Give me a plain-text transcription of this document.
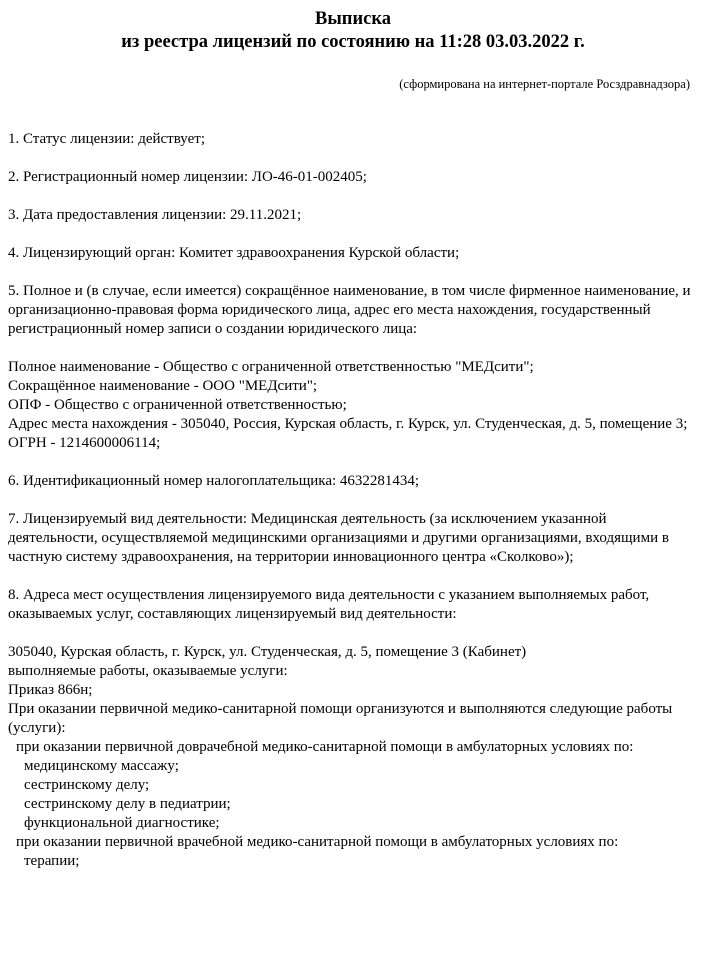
Выписка

из реестра лицензий по состоянию на 11:28 03.03.2022 г.

(сформирована на интернет-портале Росздравнадзора)

1. Статус лицензии: действует;

2. Регистрационный номер лицензии: ЛО-46-01-002405;

3. Дата предоставления лицензии: 29.11.2021;

4. Лицензирующий орган: Комитет здравоохранения Курской области;

5. Полное и (в случае, если имеется) сокращённое наименование, в том числе фирменное наименование, и организационно-правовая форма юридического лица, адрес его места нахождения, государственный регистрационный номер записи о создании юридического лица:

Полное наименование - Общество с ограниченной ответственностью "МЕДсити";

Сокращённое наименование - ООО "МЕДсити";

ОПФ - Общество с ограниченной ответственностью;

Адрес места нахождения - 305040, Россия, Курская область, г. Курск, ул. Студенческая, д. 5, помещение 3;

ОГРН - 1214600006114;

6. Идентификационный номер налогоплательщика: 4632281434;

7. Лицензируемый вид деятельности: Медицинская деятельность (за исключением указанной деятельности, осуществляемой медицинскими организациями и другими организациями, входящими в частную систему здравоохранения, на территории инновационного центра «Сколково»);

8. Адреса мест осуществления лицензируемого вида деятельности с указанием выполняемых работ, оказываемых услуг, составляющих лицензируемый вид деятельности:

305040, Курская область, г. Курск, ул. Студенческая, д. 5, помещение 3 (Кабинет)

выполняемые работы, оказываемые услуги:

Приказ 866н;

При оказании первичной медико-санитарной помощи организуются и выполняются следующие работы (услуги):

при оказании первичной доврачебной медико-санитарной помощи в амбулаторных условиях по:

медицинскому массажу;

сестринскому делу;

сестринскому делу в педиатрии;

функциональной диагностике;

при оказании первичной врачебной медико-санитарной помощи в амбулаторных условиях по:

терапии;
